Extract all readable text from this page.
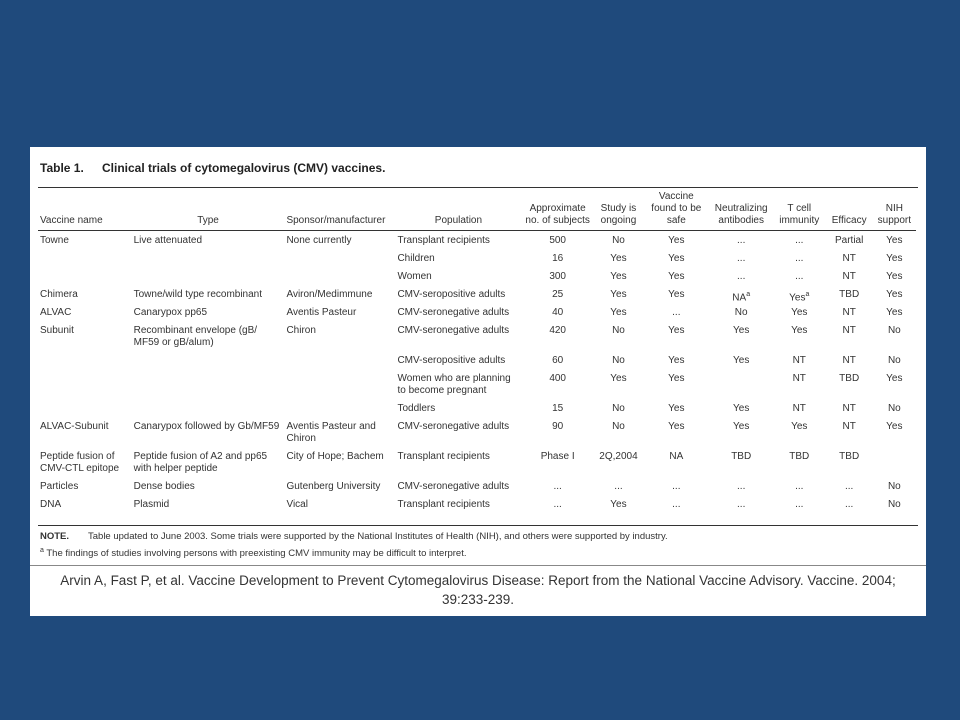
Table 1. Clinical trials of cytomegalovirus (CMV) vaccines.
Vaccine name	Type	Sponsor/manufacturer	Population	Approximate no. of subjects	Study is ongoing	Vaccine found to be safe	Neutralizing antibodies	T cell immunity	Efficacy	NIH support

Towne	Live attenuated	None currently	Transplant recipients	500	No	Yes	...	...	Partial	Yes
			Children	16	Yes	Yes	...	...	NT	Yes
			Women	300	Yes	Yes	...	...	NT	Yes
Chimera	Towne/wild type recombinant	Aviron/Medimmune	CMV-seropositive adults	25	Yes	Yes	$NA^a$	Yes$^a$	TBD	Yes
ALVAC	Canarypox pp65	Aventis Pasteur	CMV-seronegative adults	40	Yes	...	No	Yes	NT	Yes
Subunit	Recombinant envelope (gB/ MF59 or gB/alum)	Chiron	CMV-seronegative adults	420	No	Yes	Yes	Yes	NT	No
			CMV-seropositive adults	60	No	Yes	Yes	NT	NT	No
			Women who are planning to become pregnant	400	Yes	Yes		NT	TBD	Yes
			Toddlers	15	No	Yes	Yes	NT	NT	No
ALVAC-Subunit	Canarypox followed by Gb/MF59	Aventis Pasteur and Chiron	CMV-seronegative adults	90	No	Yes	Yes	Yes	NT	Yes
Peptide fusion of CMV-CTL epitope	Peptide fusion of A2 and pp65 with helper peptide	City of Hope; Bachem	Transplant recipients	Phase I	2Q,2004	NA	TBD	TBD	TBD	
Particles	Dense bodies	Gutenberg University	CMV-seronegative adults	...	...	...	...	...	...	No
DNA	Plasmid	Vical	Transplant recipients	...	Yes	...	...	...	...	No
NOTE. Table updated to June 2003. Some trials were supported by the National Institutes of Health (NIH), and others were supported by industry.
$^a$ The findings of studies involving persons with preexisting CMV immunity may be difficult to interpret.
Arvin A, Fast P, et al. Vaccine Development to Prevent Cytomegalovirus Disease: Report from the National Vaccine Advisory. Vaccine. 2004; 39:233-239.
